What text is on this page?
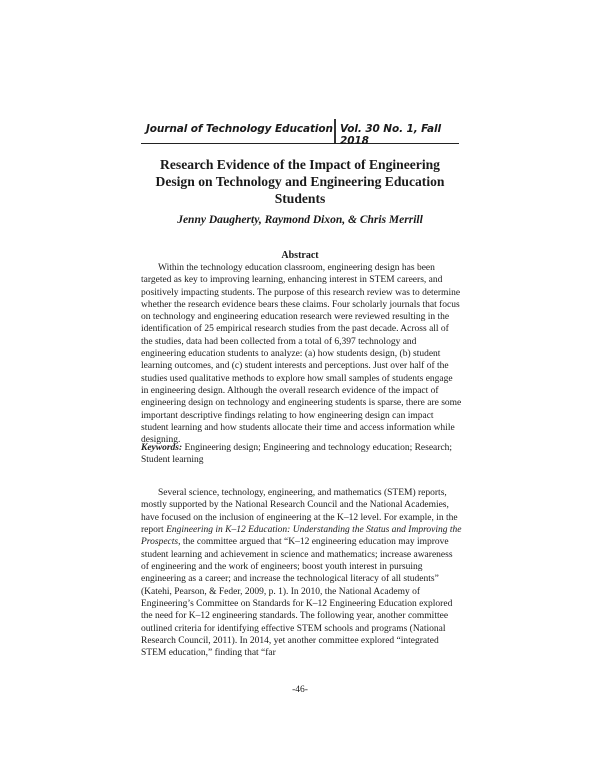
Journal of Technology Education Vol. 30 No. 1, Fall 2018
Research Evidence of the Impact of Engineering
Design on Technology and Engineering Education
Students
Jenny Daugherty, Raymond Dixon, & Chris Merrill
Abstract

Within the technology education classroom, engineering design has been targeted as key to improving learning, enhancing interest in STEM careers, and positively impacting students. The purpose of this research review was to determine whether the research evidence bears these claims. Four scholarly journals that focus on technology and engineering education research were reviewed resulting in the identification of 25 empirical research studies from the past decade. Across all of the studies, data had been collected from a total of 6,397 technology and engineering education students to analyze: (a) how students design, (b) student learning outcomes, and (c) student interests and perceptions. Just over half of the studies used qualitative methods to explore how small samples of students engage in engineering design. Although the overall research evidence of the impact of engineering design on technology and engineering students is sparse, there are some important descriptive findings relating to how engineering design can impact student learning and how students allocate their time and access information while designing.

Keywords: Engineering design; Engineering and technology education; Research; Student learning

Several science, technology, engineering, and mathematics (STEM) reports, mostly supported by the National Research Council and the National Academies, have focused on the inclusion of engineering at the K–12 level. For example, in the report Engineering in K–12 Education: Understanding the Status and Improving the Prospects, the committee argued that “K–12 engineering education may improve student learning and achievement in science and mathematics; increase awareness of engineering and the work of engineers; boost youth interest in pursuing engineering as a career; and increase the technological literacy of all students” (Katehi, Pearson, & Feder, 2009, p. 1). In 2010, the National Academy of Engineering’s Committee on Standards for K–12 Engineering Education explored the need for K–12 engineering standards. The following year, another committee outlined criteria for identifying effective STEM schools and programs (National Research Council, 2011). In 2014, yet another committee explored “integrated STEM education,” finding that “far

-46-
